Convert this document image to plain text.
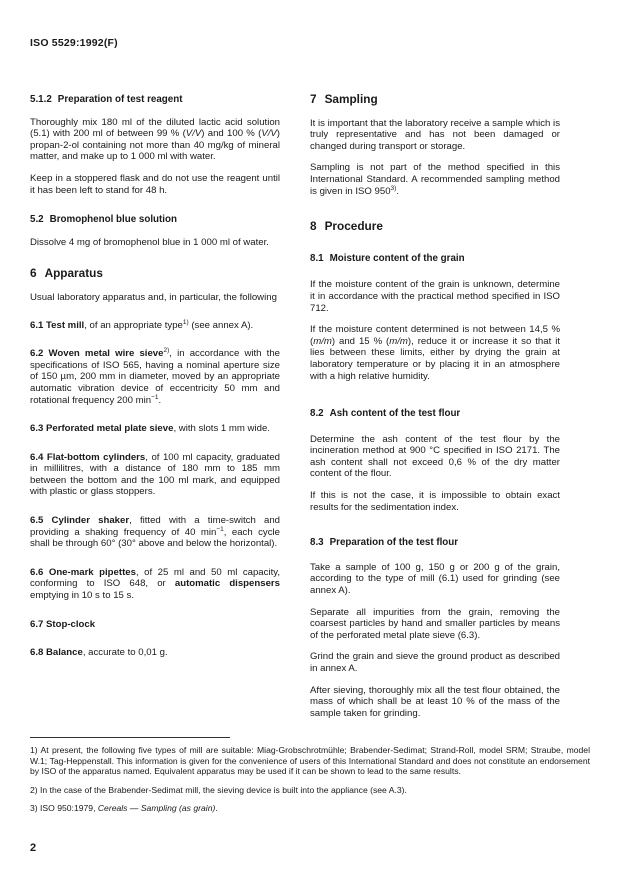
ISO 5529:1992(F)
5.1.2 Preparation of test reagent

Thoroughly mix 180 ml of the diluted lactic acid solution (5.1) with 200 ml of between 99 % (V/V) and 100 % (V/V) propan-2-ol containing not more than 40 mg/kg of mineral matter, and make up to 1 000 ml with water.

Keep in a stoppered flask and do not use the reagent until it has been left to stand for 48 h.

5.2 Bromophenol blue solution

Dissolve 4 mg of bromophenol blue in 1 000 ml of water.

6 Apparatus

Usual laboratory apparatus and, in particular, the following

6.1 Test mill, of an appropriate type$^{1)}$ (see annex A).

6.2 Woven metal wire sieve$^{2)}$, in accordance with the specifications of ISO 565, having a nominal aperture size of 150 µm, 200 mm in diameter, moved by an appropriate automatic vibration device of eccentricity 50 mm and rotational frequency 200 $\min^{-1}$.

6.3 Perforated metal plate sieve, with slots 1 mm wide.

6.4 Flat-bottom cylinders, of 100 ml capacity, graduated in millilitres, with a distance of 180 mm to 185 mm between the bottom and the 100 ml mark, and equipped with plastic or glass stoppers.

6.5 Cylinder shaker, fitted with a time-switch and providing a shaking frequency of 40 $\min^{-1}$, each cycle shall be through 60° (30° above and below the horizontal).

6.6 One-mark pipettes, of 25 ml and 50 ml capacity, conforming to ISO 648, or automatic dispensers emptying in 10 s to 15 s.

6.7 Stop-clock

6.8 Balance, accurate to 0,01 g.

7 Sampling

It is important that the laboratory receive a sample which is truly representative and has not been damaged or changed during transport or storage.

Sampling is not part of the method specified in this International Standard. A recommended sampling method is given in ISO 950$^{3)}$.

8 Procedure
8.1 Moisture content of the grain

If the moisture content of the grain is unknown, determine it in accordance with the practical method specified in ISO 712.

If the moisture content determined is not between 14,5 % (m/m) and 15 % (m/m), reduce it or increase it so that it lies between these limits, either by drying the grain at laboratory temperature or by placing it in an atmosphere with a high relative humidity.

8.2 Ash content of the test flour

Determine the ash content of the test flour by the incineration method at 900 °C specified in ISO 2171. The ash content shall not exceed 0,6 % of the dry matter content of the flour.

If this is not the case, it is impossible to obtain exact results for the sedimentation index.

8.3 Preparation of the test flour

Take a sample of 100 g, 150 g or 200 g of the grain, according to the type of mill (6.1) used for grinding (see annex A).

Separate all impurities from the grain, removing the coarsest particles by hand and smaller particles by means of the perforated metal plate sieve (6.3).

Grind the grain and sieve the ground product as described in annex A.

After sieving, thoroughly mix all the test flour obtained, the mass of which shall be at least 10 % of the mass of the sample taken for grinding.

1) At present, the following five types of mill are suitable: Miag-Grobschrotmühle; Brabender-Sedimat; Strand-Roll, model SRM; Straube, model W.1; Tag-Heppenstall. This information is given for the convenience of users of this International Standard and does not constitute an endorsement by ISO of the apparatus named. Equivalent apparatus may be used if it can be shown to lead to the same results.
2) In the case of the Brabender-Sedimat mill, the sieving device is built into the appliance (see A.3).
3) ISO 950:1979, Cereals — Sampling (as grain).
2
